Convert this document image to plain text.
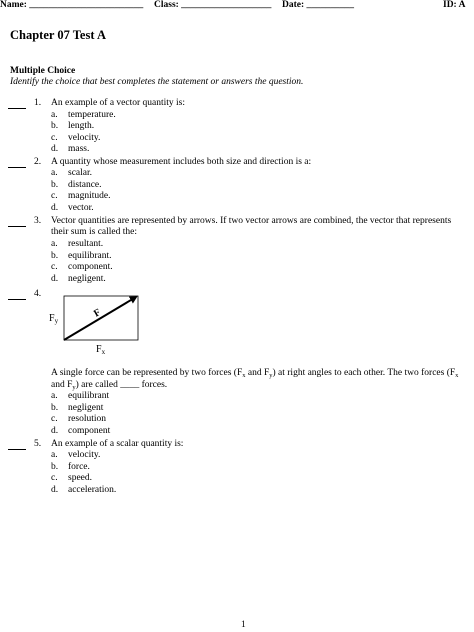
Name: ________________________ Class: ___________________ Date: __________	ID: A
Chapter 07 Test A
Multiple Choice
Identify the choice that best completes the statement or answers the question.
1. An example of a vector quantity is:
a. temperature.
b. length.
c. velocity.
d. mass.
2. A quantity whose measurement includes both size and direction is a:
a. scalar.
b. distance.
c. magnitude.
d. vector.
3. Vector quantities are represented by arrows. If two vector arrows are combined, the vector that represents
their sum is called the:
a. resultant.
b. equilibrant.
c. component.
d. negligent.
4.
F
$F_y$
$F_x$
A single force can be represented by two forces ($F_x$ and $F_y$) at right angles to each other. The two forces ($F_x$
and $F_y$) are called ____ forces.
a. equilibrant
b. negligent
c. resolution
d. component
5. An example of a scalar quantity is:
a. velocity.
b. force.
c. speed.
d. acceleration.
1
